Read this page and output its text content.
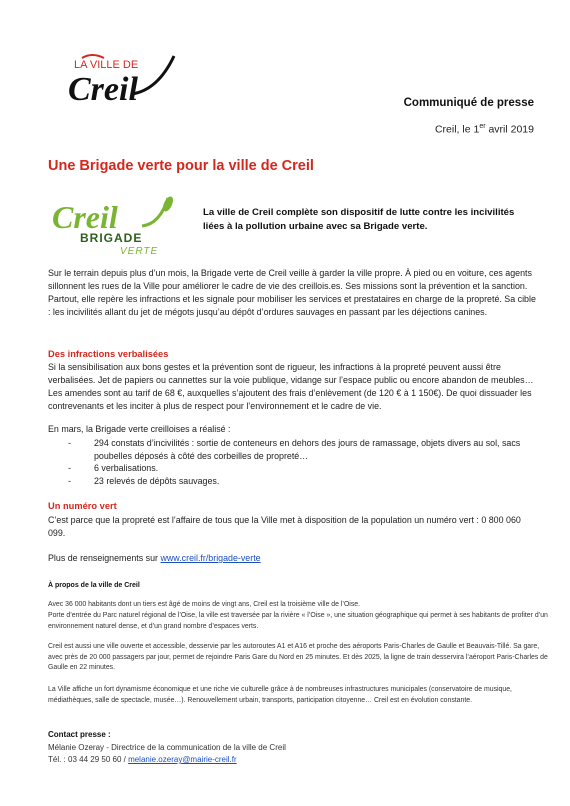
LA VILLE DE
Creil	Communiqué de presse
Creil, le 1er avril 2019
Une Brigade verte pour la ville de Creil
Creil
BRIGADE
VERTE
La ville de Creil complète son dispositif de lutte contre les incivilités liées à la pollution urbaine avec sa Brigade verte.
Sur le terrain depuis plus d’un mois, la Brigade verte de Creil veille à garder la ville propre. À pied ou en voiture, ces agents sillonnent les rues de la Ville pour améliorer le cadre de vie des creillois.es. Ses missions sont la prévention et la sanction. Partout, elle repère les infractions et les signale pour mobiliser les services et prestataires en charge de la propreté. Sa cible : les incivilités allant du jet de mégots jusqu’au dépôt d’ordures sauvages en passant par les déjections canines.
Des infractions verbalisées
Si la sensibilisation aux bons gestes et la prévention sont de rigueur, les infractions à la propreté peuvent aussi être verbalisées. Jet de papiers ou cannettes sur la voie publique, vidange sur l’espace public ou encore abandon de meubles… Les amendes sont au tarif de 68 €, auxquelles s’ajoutent des frais d’enlèvement (de 120 € à 1 150€). De quoi dissuader les contrevenants et les inciter à plus de respect pour l’environnement et le cadre de vie.
En mars, la Brigade verte creilloises a réalisé :
- 294 constats d’incivilités : sortie de conteneurs en dehors des jours de ramassage, objets divers au sol, sacs poubelles déposés à côté des corbeilles de propreté…
- 6 verbalisations.
- 23 relevés de dépôts sauvages.
Un numéro vert
C’est parce que la propreté est l’affaire de tous que la Ville met à disposition de la population un numéro vert : 0 800 060 099.
Plus de renseignements sur www.creil.fr/brigade-verte
À propos de la ville de Creil
Avec 36 000 habitants dont un tiers est âgé de moins de vingt ans, Creil est la troisième ville de l’Oise.
Porte d’entrée du Parc naturel régional de l’Oise, la ville est traversée par la rivière « l’Oise », une situation géographique qui permet à ses habitants de profiter d’un environnement naturel dense, et d’un grand nombre d’espaces verts.
Creil est aussi une ville ouverte et accessible, desservie par les autoroutes A1 et A16 et proche des aéroports Paris-Charles de Gaulle et Beauvais-Tillé. Sa gare, avec près de 20 000 passagers par jour, permet de rejoindre Paris Gare du Nord en 25 minutes. Et dès 2025, la ligne de train desservira l’aéroport Paris-Charles de Gaulle en 22 minutes.
La Ville affiche un fort dynamisme économique et une riche vie culturelle grâce à de nombreuses infrastructures municipales (conservatoire de musique, médiathèques, salle de spectacle, musée…). Renouvellement urbain, transports, participation citoyenne… Creil est en évolution constante.
Contact presse :
Mélanie Ozeray - Directrice de la communication de la ville de Creil
Tél. : 03 44 29 50 60 / melanie.ozeray@mairie-creil.fr
